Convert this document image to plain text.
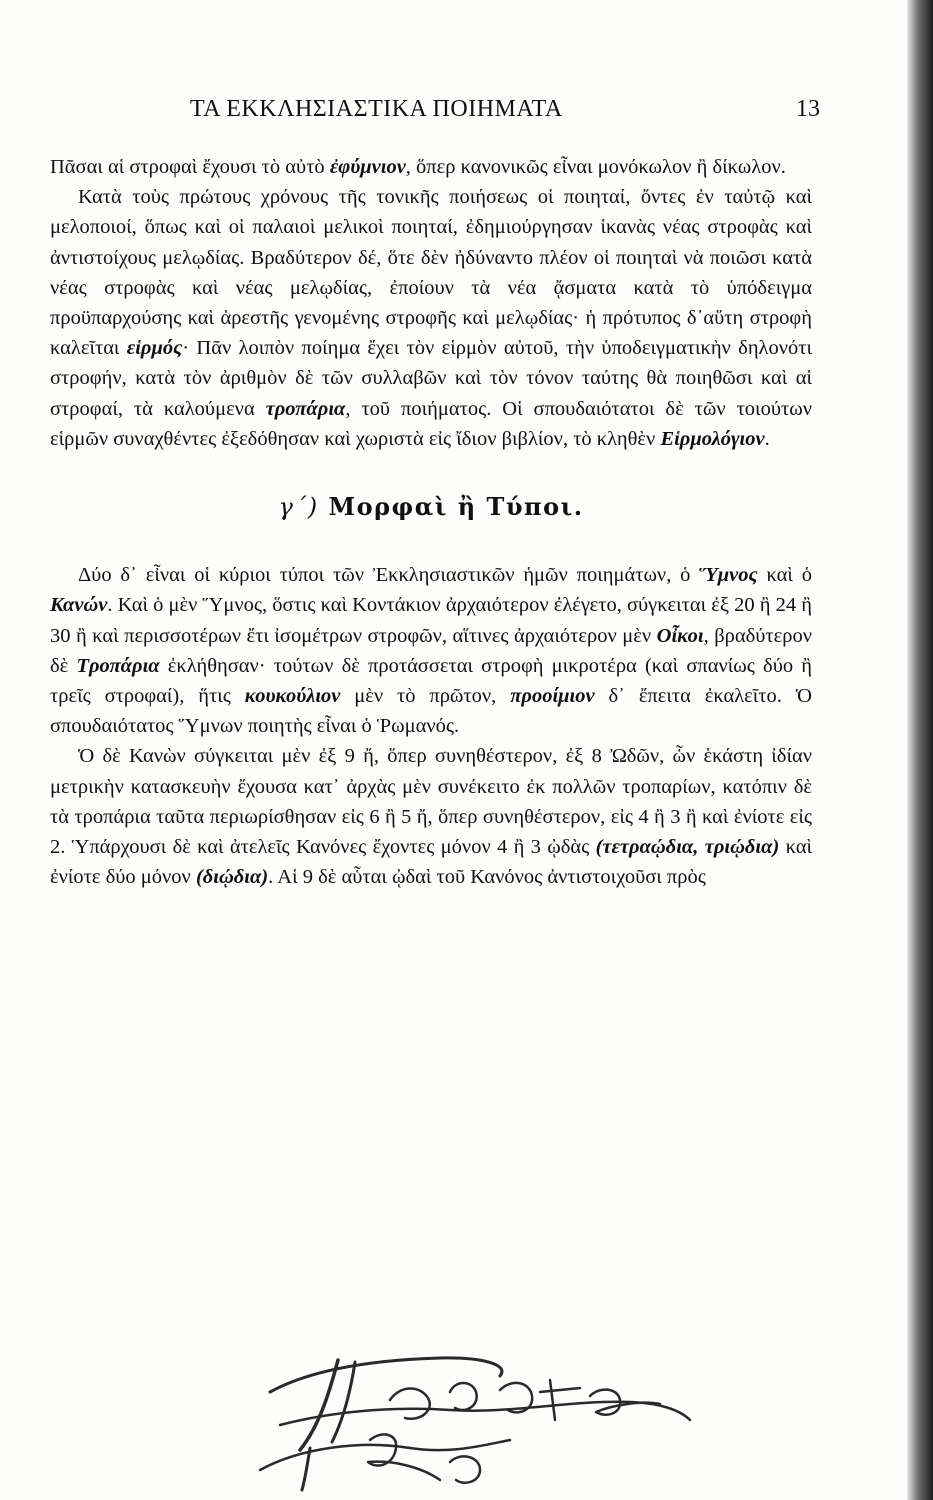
ΤΑ ΕΚΚΛΗΣΙΑΣΤΙΚΑ ΠΟΙΗΜΑΤΑ	13

Πᾶσαι αἱ στροφαὶ ἔχουσι τὸ αὐτὸ ἐφύμνιον, ὅπερ κανονικῶς εἶναι μονόκωλον ἢ δίκωλον.

Κατὰ τοὺς πρώτους χρόνους τῆς τονικῆς ποιήσεως οἱ ποιηταί, ὄντες ἐν ταὐτῷ καὶ μελοποιοί, ὅπως καὶ οἱ παλαιοὶ μελικοὶ ποιηταί, ἐδημιούργησαν ἱκανὰς νέας στροφὰς καὶ ἀντιστοίχους μελῳδίας. Βραδύτερον δέ, ὅτε δὲν ἠδύναντο πλέον οἱ ποιηταὶ νὰ ποιῶσι κατὰ νέας στροφὰς καὶ νέας μελῳδίας, ἐποίουν τὰ νέα ᾄσματα κατὰ τὸ ὑπόδειγμα προϋπαρχούσης καὶ ἀρεστῆς γενομένης στροφῆς καὶ μελῳδίας· ἡ πρότυπος δ᾽αὕτη στροφὴ καλεῖται εἱρμός· Πᾶν λοιπὸν ποίημα ἔχει τὸν εἱρμὸν αὐτοῦ, τὴν ὑποδειγματικὴν δηλονότι στροφήν, κατὰ τὸν ἀριθμὸν δὲ τῶν συλλαβῶν καὶ τὸν τόνον ταύτης θὰ ποιηθῶσι καὶ αἱ στροφαί, τὰ καλούμενα τροπάρια, τοῦ ποιήματος. Οἱ σπουδαιότατοι δὲ τῶν τοιούτων εἱρμῶν συναχθέντες ἐξεδόθησαν καὶ χωριστὰ εἰς ἴδιον βιβλίον, τὸ κληθὲν Εἱρμολόγιον.

γ΄) Μορφαὶ ἢ Τύποι.

Δύο δ᾽ εἶναι οἱ κύριοι τύποι τῶν Ἐκκλησιαστικῶν ἡμῶν ποιημάτων, ὁ Ὕμνος καὶ ὁ Κανών. Καὶ ὁ μὲν Ὕμνος, ὅστις καὶ Κοντάκιον ἀρχαιότερον ἐλέγετο, σύγκειται ἐξ 20 ἢ 24 ἢ 30 ἢ καὶ περισσοτέρων ἔτι ἰσομέτρων στροφῶν, αἵτινες ἀρχαιότερον μὲν Οἶκοι, βραδύτερον δὲ Τροπάρια ἐκλήθησαν· τούτων δὲ προτάσσεται στροφὴ μικροτέρα (καὶ σπανίως δύο ἢ τρεῖς στροφαί), ἥτις κουκούλιον μὲν τὸ πρῶτον, προοίμιον δ᾽ ἔπειτα ἐκαλεῖτο. Ὁ σπουδαιότατος Ὕμνων ποιητὴς εἶναι ὁ Ῥωμανός.

Ὁ δὲ Κανὼν σύγκειται μὲν ἐξ 9 ἤ, ὅπερ συνηθέστερον, ἐξ 8 Ὠδῶν, ὧν ἑκάστη ἰδίαν μετρικὴν κατασκευὴν ἔχουσα κατ᾽ ἀρχὰς μὲν συνέκειτο ἐκ πολλῶν τροπαρίων, κατόπιν δὲ τὰ τροπάρια ταῦτα περιωρίσθησαν εἰς 6 ἢ 5 ἤ, ὅπερ συνηθέστερον, εἰς 4 ἢ 3 ἢ καὶ ἐνίοτε εἰς 2. Ὑπάρχουσι δὲ καὶ ἀτελεῖς Κανόνες ἔχοντες μόνον 4 ἢ 3 ᾠδὰς (τετραῴδια, τριῴδια) καὶ ἐνίοτε δύο μόνον (διῴδια). Αἱ 9 δὲ αὗται ᾠδαὶ τοῦ Κανόνος ἀντιστοιχοῦσι πρὸς
